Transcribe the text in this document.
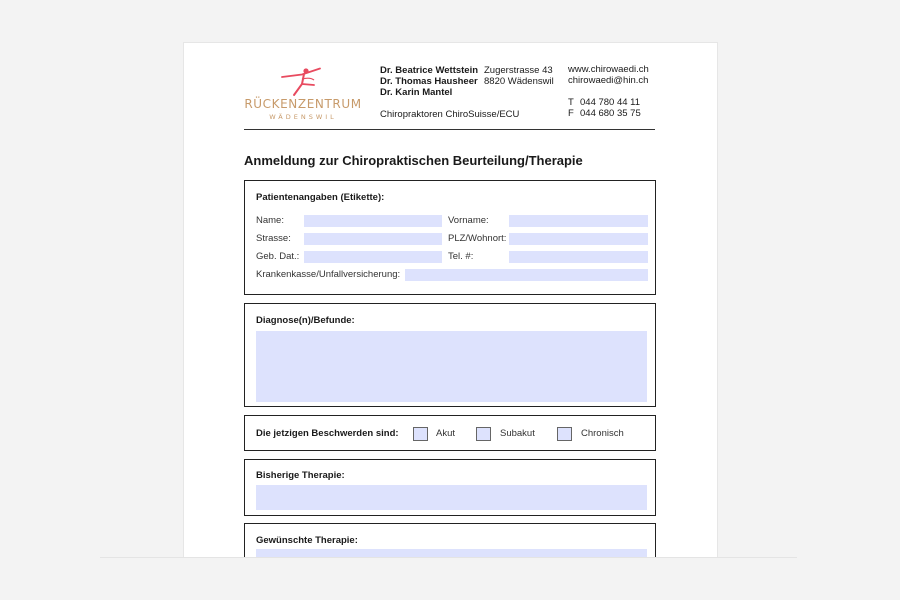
RÜCKENZENTRUM
WÄDENSWIL
Dr. Beatrice Wettstein
Dr. Thomas Hausheer
Dr. Karin Mantel
Zugerstrasse 43
8820 Wädenswil
www.chirowaedi.ch
chirowaedi@hin.ch
T 044 780 44 11
F 044 680 35 75
Chiropraktoren ChiroSuisse/ECU
Anmeldung zur Chiropraktischen Beurteilung/Therapie
Patientenangaben (Etikette):
Name:	Vorname:
Strasse:	PLZ/Wohnort:
Geb. Dat.:	Tel. #:
Krankenkasse/Unfallversicherung:
Diagnose(n)/Befunde:
Die jetzigen Beschwerden sind:	Akut	Subakut	Chronisch
Bisherige Therapie:
Gewünschte Therapie:
